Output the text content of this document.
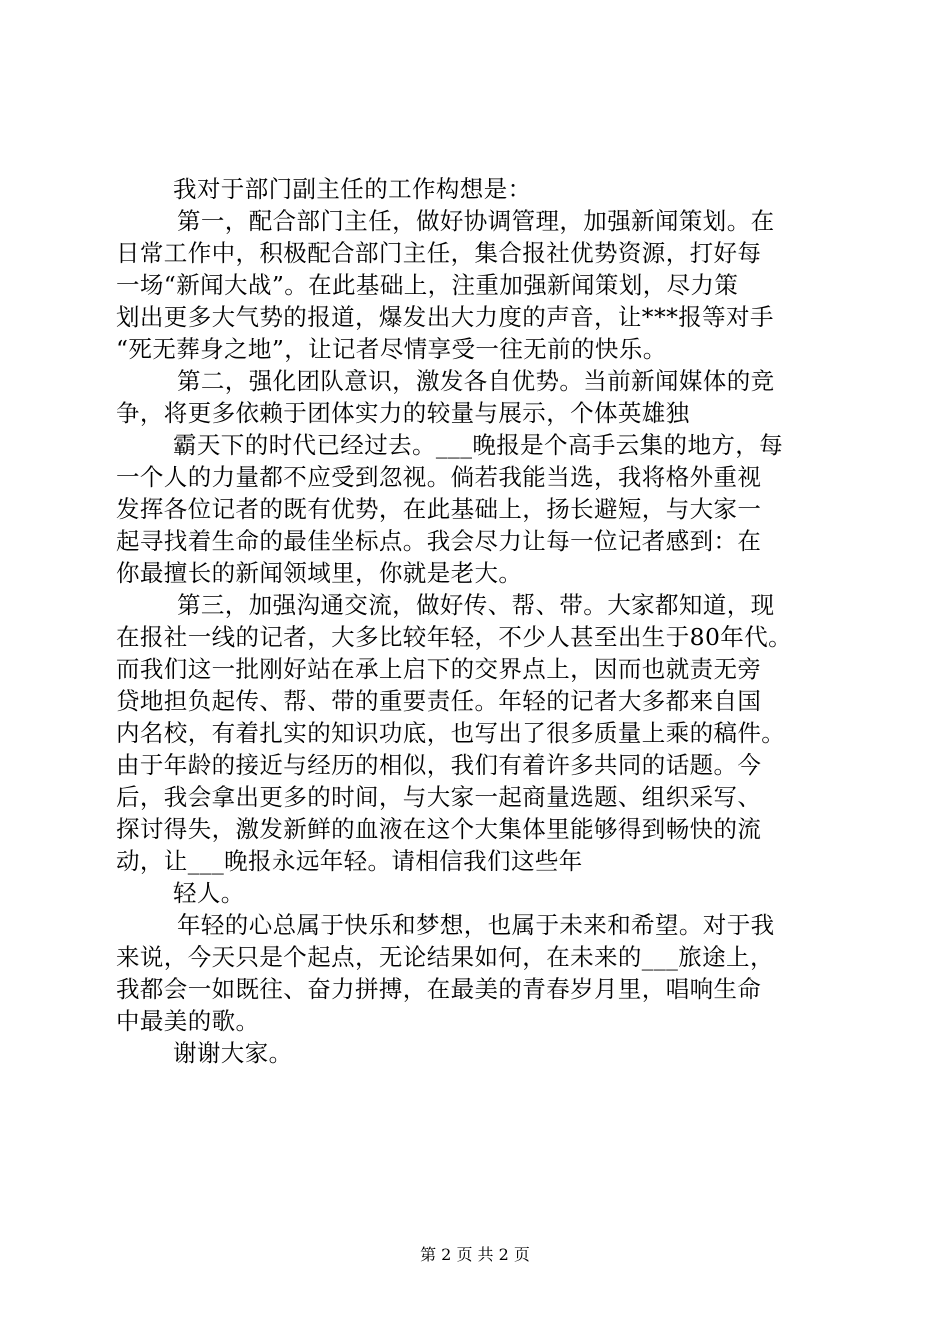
我对于部门副主任的工作构想是：
第一，配合部门主任，做好协调管理，加强新闻策划。在
日常工作中，积极配合部门主任，集合报社优势资源，打好每
一场“新闻大战”。在此基础上，注重加强新闻策划，尽力策
划出更多大气势的报道，爆发出大力度的声音，让***报等对手
“死无葬身之地”，让记者尽情享受一往无前的快乐。
第二，强化团队意识，激发各自优势。当前新闻媒体的竞
争，将更多依赖于团体实力的较量与展示，个体英雄独
霸天下的时代已经过去。___晚报是个高手云集的地方，每
一个人的力量都不应受到忽视。倘若我能当选，我将格外重视
发挥各位记者的既有优势，在此基础上，扬长避短，与大家一
起寻找着生命的最佳坐标点。我会尽力让每一位记者感到：在
你最擅长的新闻领域里，你就是老大。
第三，加强沟通交流，做好传、帮、带。大家都知道，现
在报社一线的记者，大多比较年轻，不少人甚至出生于80年代。
而我们这一批刚好站在承上启下的交界点上，因而也就责无旁
贷地担负起传、帮、带的重要责任。年轻的记者大多都来自国
内名校，有着扎实的知识功底，也写出了很多质量上乘的稿件。
由于年龄的接近与经历的相似，我们有着许多共同的话题。今
后，我会拿出更多的时间，与大家一起商量选题、组织采写、
探讨得失，激发新鲜的血液在这个大集体里能够得到畅快的流
动，让___晚报永远年轻。请相信我们这些年
轻人。
年轻的心总属于快乐和梦想，也属于未来和希望。对于我
来说，今天只是个起点，无论结果如何，在未来的___旅途上，
我都会一如既往、奋力拼搏，在最美的青春岁月里，唱响生命
中最美的歌。
谢谢大家。
第 2 页 共 2 页
